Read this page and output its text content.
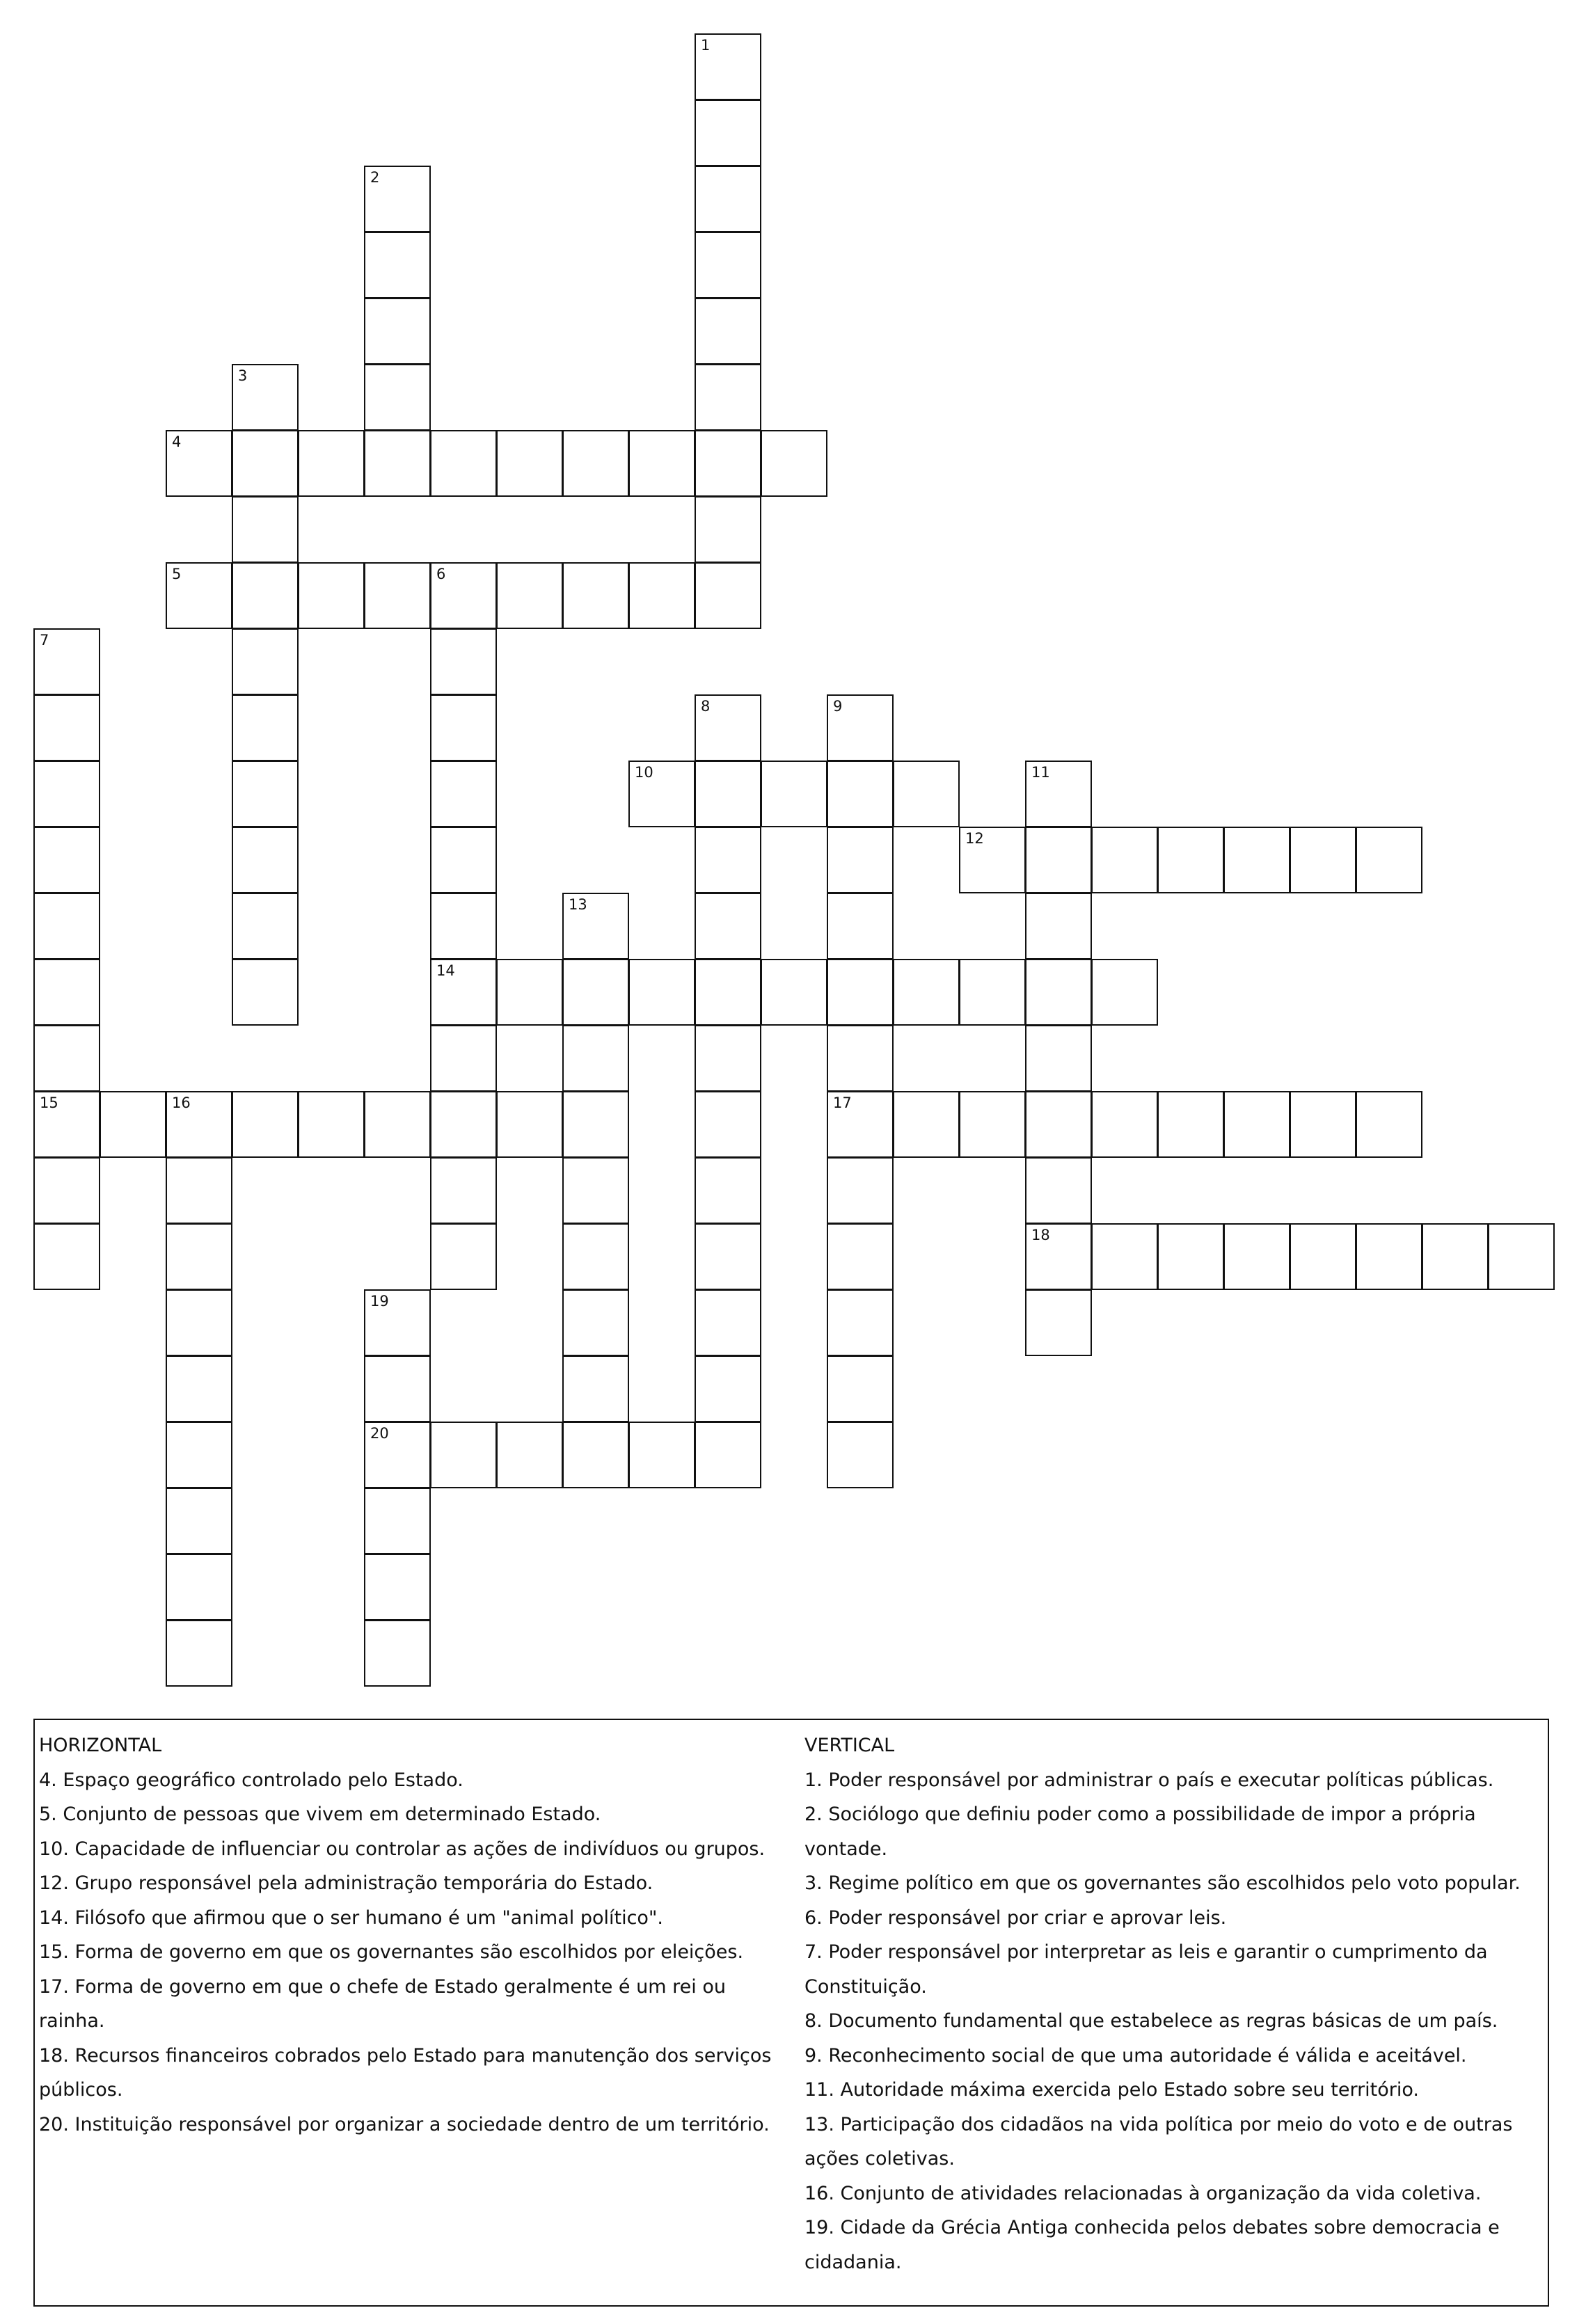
1
2
3
4
5	6
14
7
15
8	9
17
10	11
18
12
13
16
19
20
HORIZONTAL
4. Espaço geográfico controlado pelo Estado.
5. Conjunto de pessoas que vivem em determinado Estado.
10. Capacidade de influenciar ou controlar as ações de indivíduos ou grupos.
12. Grupo responsável pela administração temporária do Estado.
14. Filósofo que afirmou que o ser humano é um "animal político".
15. Forma de governo em que os governantes são escolhidos por eleições.
17. Forma de governo em que o chefe de Estado geralmente é um rei ou rainha.
18. Recursos financeiros cobrados pelo Estado para manutenção dos serviços públicos.
20. Instituição responsável por organizar a sociedade dentro de um território.
VERTICAL
1. Poder responsável por administrar o país e executar políticas públicas.
2. Sociólogo que definiu poder como a possibilidade de impor a própria vontade.
3. Regime político em que os governantes são escolhidos pelo voto popular.
6. Poder responsável por criar e aprovar leis.
7. Poder responsável por interpretar as leis e garantir o cumprimento da Constituição.
8. Documento fundamental que estabelece as regras básicas de um país.
9. Reconhecimento social de que uma autoridade é válida e aceitável.
11. Autoridade máxima exercida pelo Estado sobre seu território.
13. Participação dos cidadãos na vida política por meio do voto e de outras ações coletivas.
16. Conjunto de atividades relacionadas à organização da vida coletiva.
19. Cidade da Grécia Antiga conhecida pelos debates sobre democracia e cidadania.
